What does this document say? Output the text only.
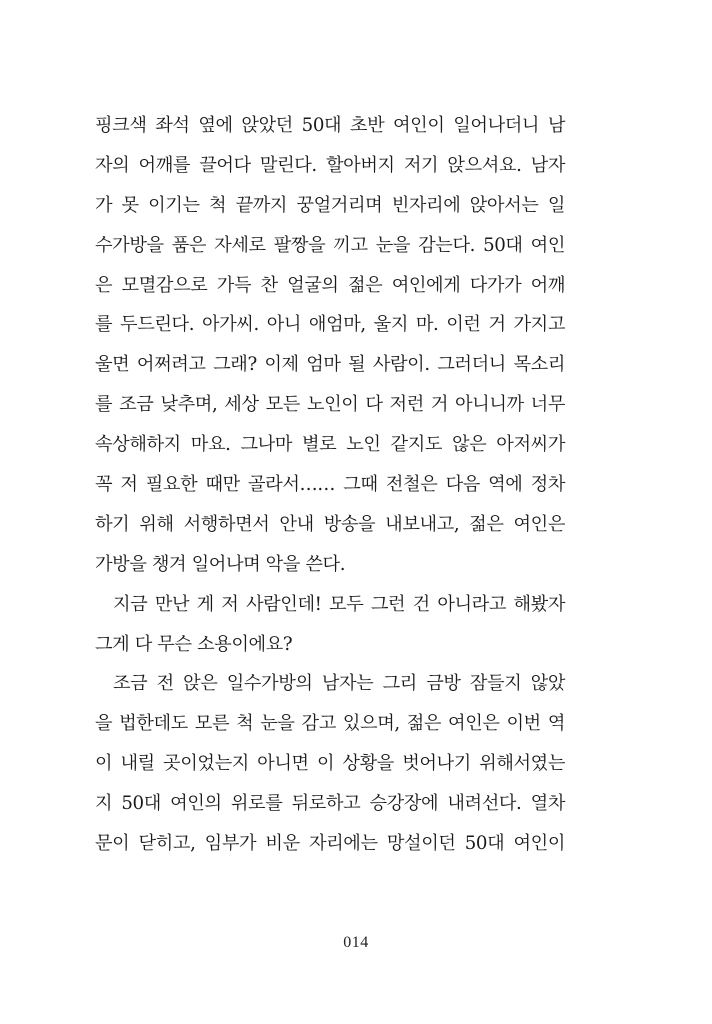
핑크색 좌석 옆에 앉았던 50대 초반 여인이 일어나더니 남
자의 어깨를 끌어다 말린다. 할아버지 저기 앉으셔요. 남자
가 못 이기는 척 끝까지 꿍얼거리며 빈자리에 앉아서는 일
수가방을 품은 자세로 팔짱을 끼고 눈을 감는다. 50대 여인
은 모멸감으로 가득 찬 얼굴의 젊은 여인에게 다가가 어깨
를 두드린다. 아가씨. 아니 애엄마, 울지 마. 이런 거 가지고
울면 어쩌려고 그래? 이제 엄마 될 사람이. 그러더니 목소리
를 조금 낮추며, 세상 모든 노인이 다 저런 거 아니니까 너무
속상해하지 마요. 그나마 별로 노인 같지도 않은 아저씨가
꼭 저 필요한 때만 골라서…… 그때 전철은 다음 역에 정차
하기 위해 서행하면서 안내 방송을 내보내고, 젊은 여인은
가방을 챙겨 일어나며 악을 쓴다.
지금 만난 게 저 사람인데! 모두 그런 건 아니라고 해봤자
그게 다 무슨 소용이에요?
조금 전 앉은 일수가방의 남자는 그리 금방 잠들지 않았
을 법한데도 모른 척 눈을 감고 있으며, 젊은 여인은 이번 역
이 내릴 곳이었는지 아니면 이 상황을 벗어나기 위해서였는
지 50대 여인의 위로를 뒤로하고 승강장에 내려선다. 열차
문이 닫히고, 임부가 비운 자리에는 망설이던 50대 여인이
014
